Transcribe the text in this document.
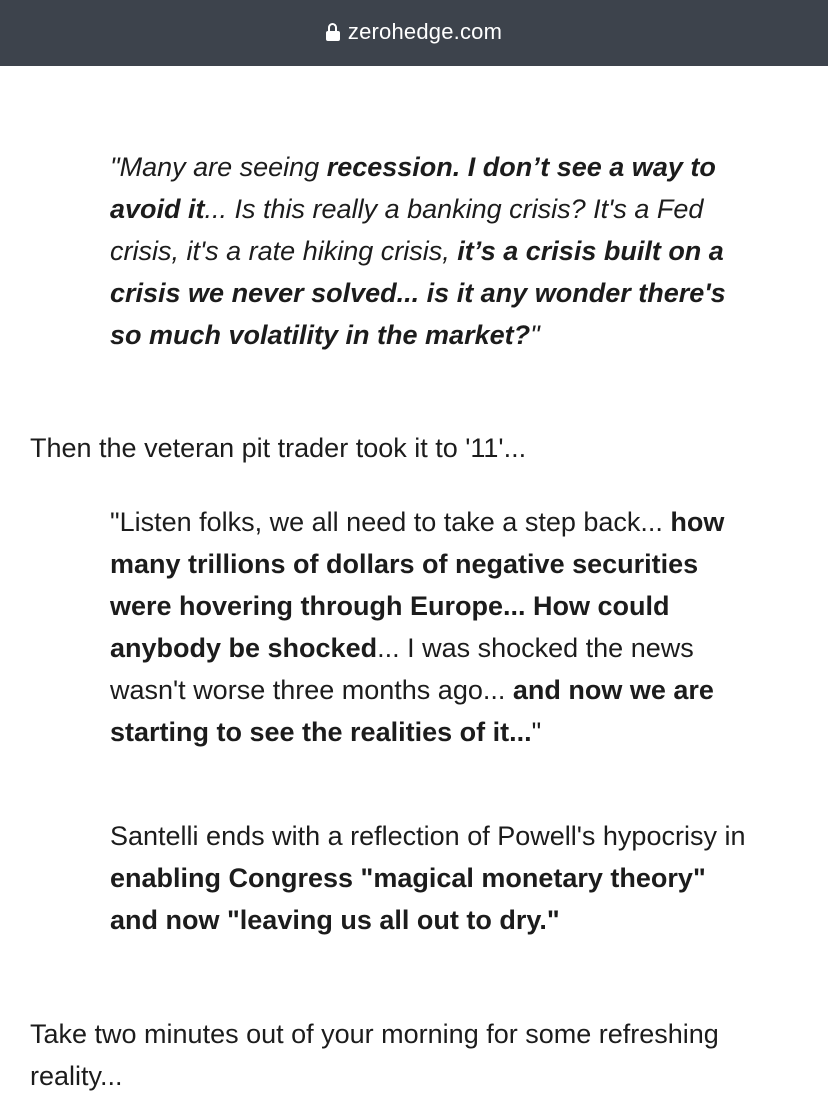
zerohedge.com

"Many are seeing recession. I don’t see a way to avoid it... Is this really a banking crisis? It's a Fed crisis, it's a rate hiking crisis, it’s a crisis built on a crisis we never solved... is it any wonder there's so much volatility in the market?"

Then the veteran pit trader took it to '11'...

"Listen folks, we all need to take a step back... how many trillions of dollars of negative securities were hovering through Europe... How could anybody be shocked... I was shocked the news wasn't worse three months ago... and now we are starting to see the realities of it..."

Santelli ends with a reflection of Powell's hypocrisy in enabling Congress "magical monetary theory" and now "leaving us all out to dry."

Take two minutes out of your morning for some refreshing reality...
